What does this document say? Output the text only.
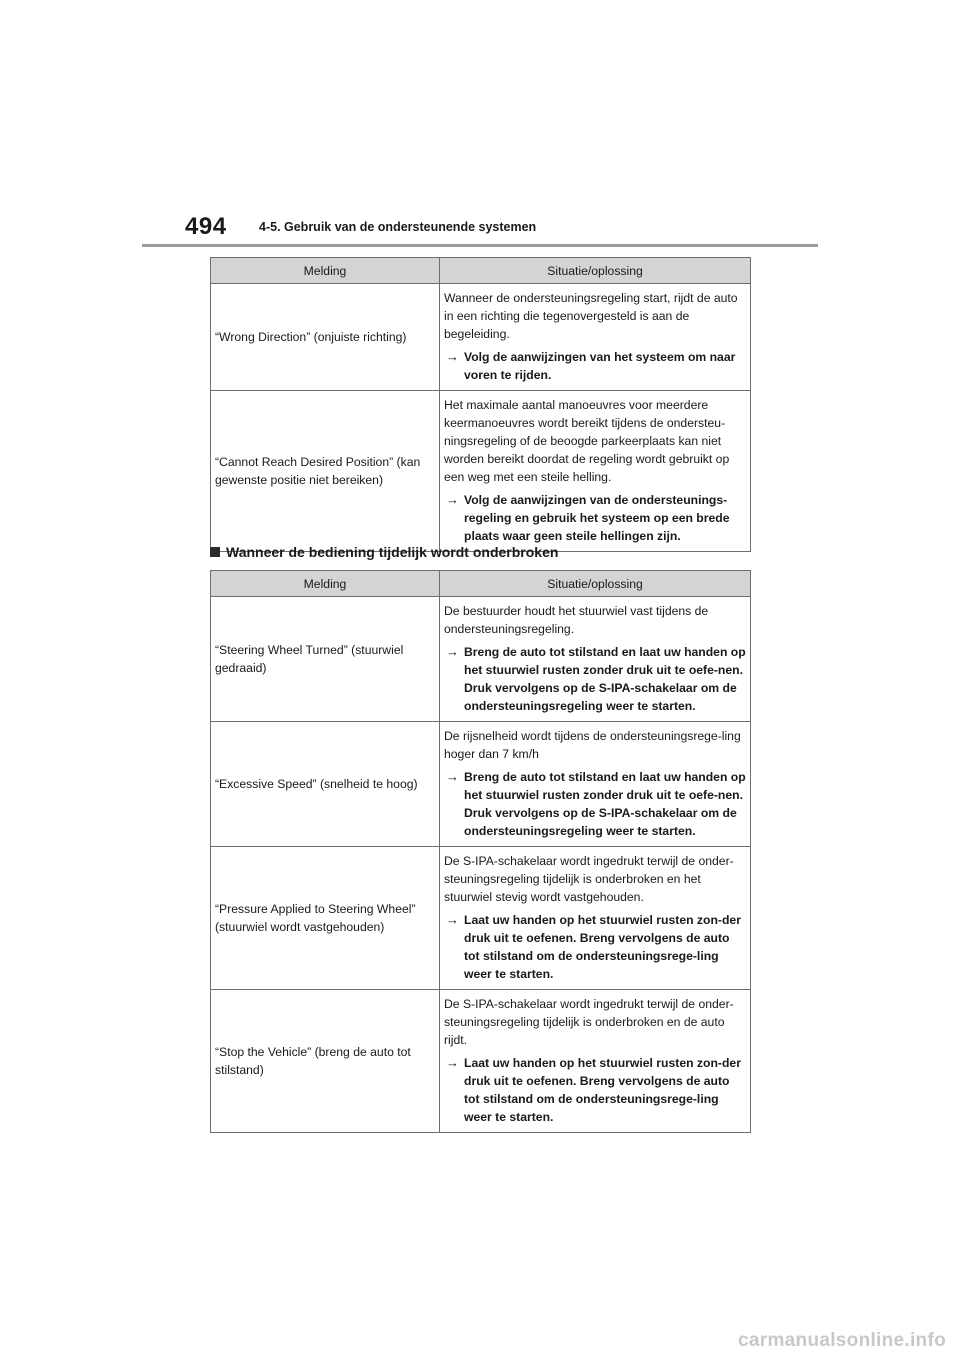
494	4-5. Gebruik van de ondersteunende systemen
Melding	Situatie/oplossing
“Wrong Direction” (onjuiste richting)	Wanneer de ondersteuningsregeling start, rijdt de auto in een richting die tegenovergesteld is aan de begeleiding.

→ Volg de aanwijzingen van het systeem om naar voren te rijden.

“Cannot Reach Desired Position” (kan gewenste positie niet bereiken)	Het maximale aantal manoeuvres voor meerdere keermanoeuvres wordt bereikt tijdens de ondersteu-ningsregeling of de beoogde parkeerplaats kan niet worden bereikt doordat de regeling wordt gebruikt op een weg met een steile helling.

→ Volg de aanwijzingen van de ondersteunings-regeling en gebruik het systeem op een brede plaats waar geen steile hellingen zijn.

Wanneer de bediening tijdelijk wordt onderbroken
Melding	Situatie/oplossing
“Steering Wheel Turned” (stuurwiel gedraaid)	De bestuurder houdt het stuurwiel vast tijdens de ondersteuningsregeling.

→ Breng de auto tot stilstand en laat uw handen op het stuurwiel rusten zonder druk uit te oefe-nen. Druk vervolgens op de S-IPA-schakelaar om de ondersteuningsregeling weer te starten.

“Excessive Speed” (snelheid te hoog)	De rijsnelheid wordt tijdens de ondersteuningsrege-ling hoger dan 7 km/h

→ Breng de auto tot stilstand en laat uw handen op het stuurwiel rusten zonder druk uit te oefe-nen. Druk vervolgens op de S-IPA-schakelaar om de ondersteuningsregeling weer te starten.

“Pressure Applied to Steering Wheel” (stuurwiel wordt vastgehouden)	De S-IPA-schakelaar wordt ingedrukt terwijl de onder-steuningsregeling tijdelijk is onderbroken en het stuurwiel stevig wordt vastgehouden.

→ Laat uw handen op het stuurwiel rusten zon-der druk uit te oefenen. Breng vervolgens de auto tot stilstand om de ondersteuningsrege-ling weer te starten.

“Stop the Vehicle” (breng de auto tot stilstand)	De S-IPA-schakelaar wordt ingedrukt terwijl de onder-steuningsregeling tijdelijk is onderbroken en de auto rijdt.

→ Laat uw handen op het stuurwiel rusten zon-der druk uit te oefenen. Breng vervolgens de auto tot stilstand om de ondersteuningsrege-ling weer te starten.

carmanualsonline.info
